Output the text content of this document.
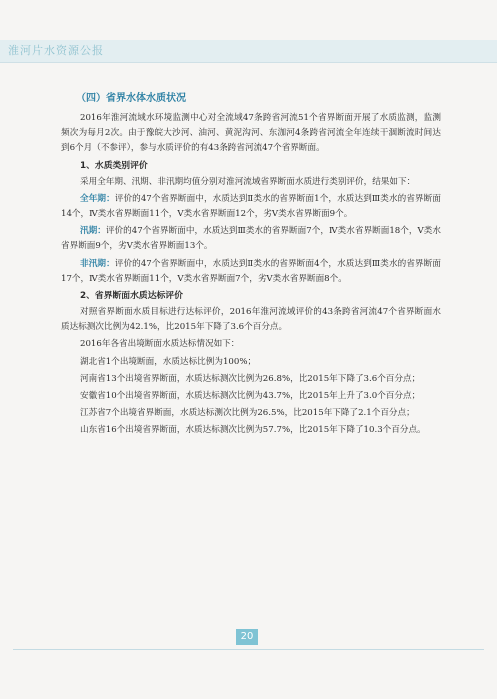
淮河片水资源公报
（四）省界水体水质状况

2016年淮河流域水环境监测中心对全流域47条跨省河流51个省界断面开展了水质监测，监测频次为每月2次。由于豫皖大沙河、油河、黄泥沟河、东泇河4条跨省河流全年连续干涸断流时间达到6个月（不参评），参与水质评价的有43条跨省河流47个省界断面。

1、水质类别评价

采用全年期、汛期、非汛期均值分别对淮河流域省界断面水质进行类别评价，结果如下：

全年期：评价的47个省界断面中，水质达到Ⅱ类水的省界断面1个，水质达到Ⅲ类水的省界断面14个，Ⅳ类水省界断面11个，Ⅴ类水省界断面12个，劣Ⅴ类水省界断面9个。

汛期：评价的47个省界断面中，水质达到Ⅲ类水的省界断面7个，Ⅳ类水省界断面18个，Ⅴ类水省界断面9个，劣Ⅴ类水省界断面13个。

非汛期：评价的47个省界断面中，水质达到Ⅱ类水的省界断面4个，水质达到Ⅲ类水的省界断面17个，Ⅳ类水省界断面11个，Ⅴ类水省界断面7个，劣Ⅴ类水省界断面8个。

2、省界断面水质达标评价

对照省界断面水质目标进行达标评价，2016年淮河流域评价的43条跨省河流47个省界断面水质达标测次比例为42.1%，比2015年下降了3.6个百分点。

2016年各省出境断面水质达标情况如下：

湖北省1个出境断面，水质达标比例为100%；

河南省13个出境省界断面，水质达标测次比例为26.8%，比2015年下降了3.6个百分点；

安徽省10个出境省界断面，水质达标测次比例为43.7%，比2015年上升了3.0个百分点；

江苏省7个出境省界断面，水质达标测次比例为26.5%，比2015年下降了2.1个百分点；

山东省16个出境省界断面，水质达标测次比例为57.7%，比2015年下降了10.3个百分点。

20
